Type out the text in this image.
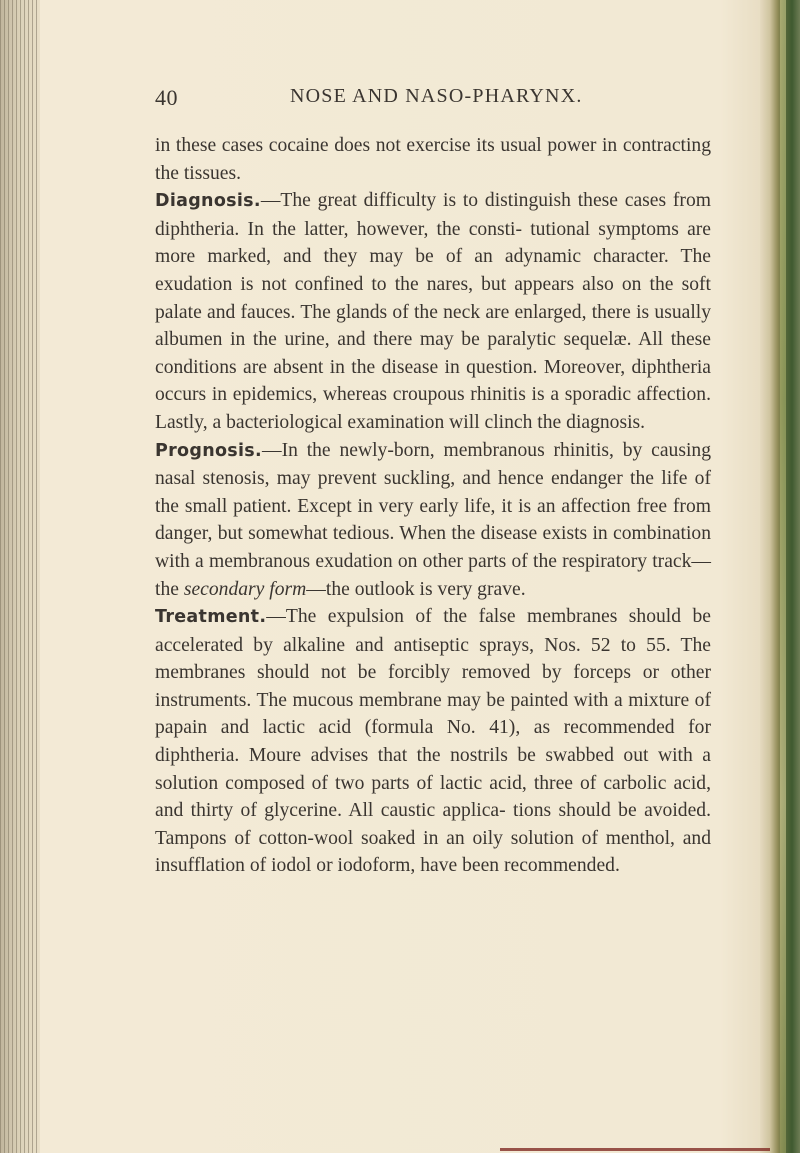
40	NOSE AND NASO-PHARYNX.

in these cases cocaine does not exercise its usual power in contracting the tissues.

Diagnosis.—The great difficulty is to distinguish these cases from diphtheria. In the latter, however, the consti- tutional symptoms are more marked, and they may be of an adynamic character. The exudation is not confined to the nares, but appears also on the soft palate and fauces. The glands of the neck are enlarged, there is usually albumen in the urine, and there may be paralytic sequelæ. All these conditions are absent in the disease in question. Moreover, diphtheria occurs in epidemics, whereas croupous rhinitis is a sporadic affection. Lastly, a bacteriological examination will clinch the diagnosis.

Prognosis.—In the newly-born, membranous rhinitis, by causing nasal stenosis, may prevent suckling, and hence endanger the life of the small patient. Except in very early life, it is an affection free from danger, but somewhat tedious. When the disease exists in combination with a membranous exudation on other parts of the respiratory track—the secondary form—the outlook is very grave.

Treatment.—The expulsion of the false membranes should be accelerated by alkaline and antiseptic sprays, Nos. 52 to 55. The membranes should not be forcibly removed by forceps or other instruments. The mucous membrane may be painted with a mixture of papain and lactic acid (formula No. 41), as recommended for diphtheria. Moure advises that the nostrils be swabbed out with a solution composed of two parts of lactic acid, three of carbolic acid, and thirty of glycerine. All caustic applica- tions should be avoided. Tampons of cotton-wool soaked in an oily solution of menthol, and insufflation of iodol or iodoform, have been recommended.
